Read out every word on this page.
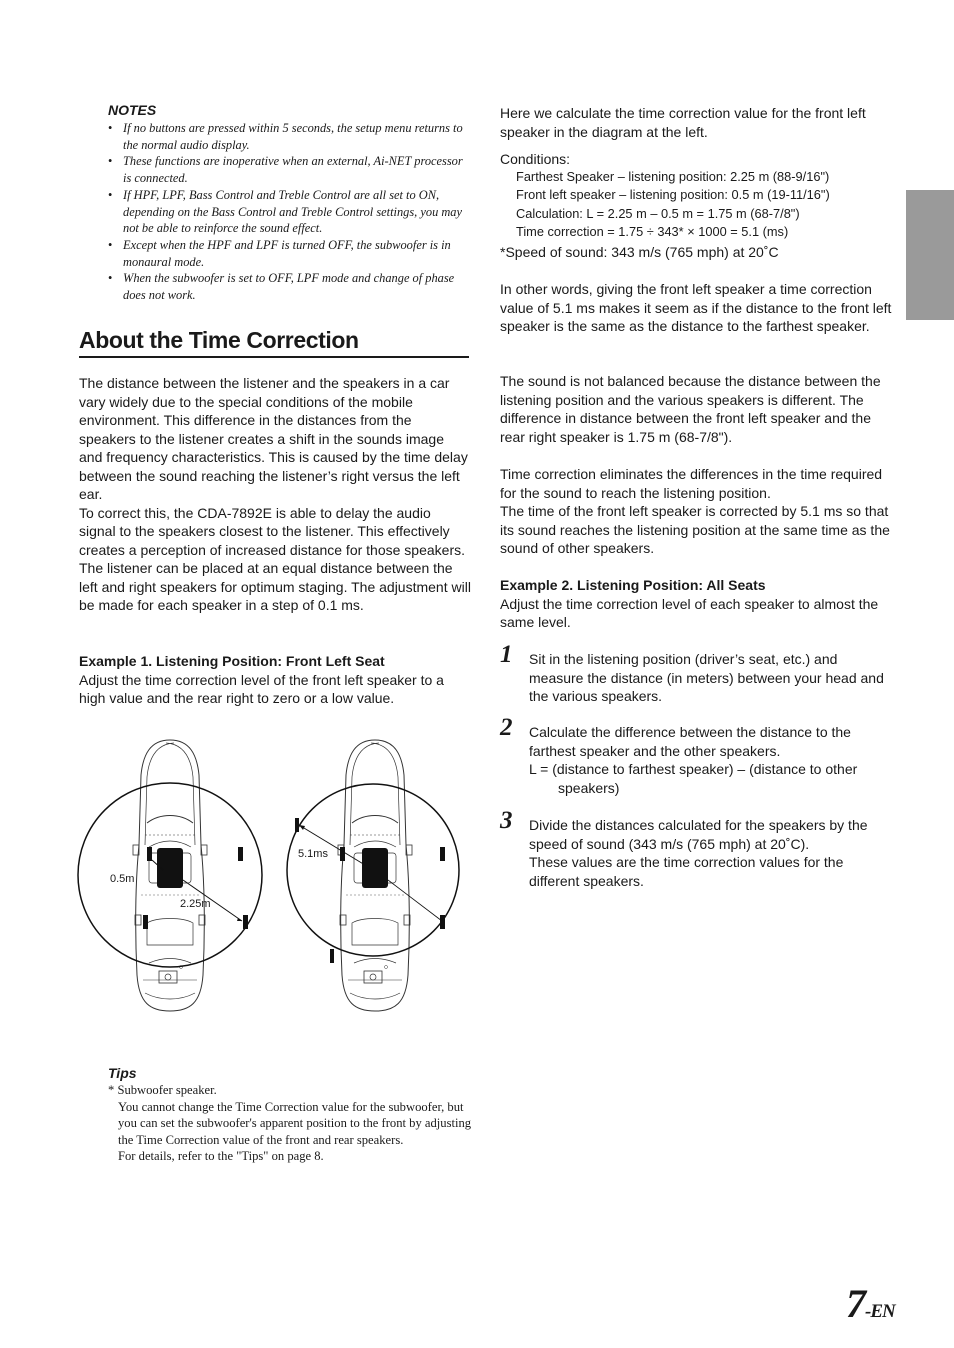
NOTES
• If no buttons are pressed within 5 seconds, the setup menu returns to the normal audio display.
• These functions are inoperative when an external, Ai-NET processor is connected.
• If HPF, LPF, Bass Control and Treble Control are all set to ON, depending on the Bass Control and Treble Control settings, you may not be able to reinforce the sound effect.
• Except when the HPF and LPF is turned OFF, the subwoofer is in monaural mode.
• When the subwoofer is set to OFF, LPF mode and change of phase does not work.
About the Time Correction
The distance between the listener and the speakers in a car vary widely due to the special conditions of the mobile environment. This difference in the distances from the speakers to the listener creates a shift in the sounds image and frequency characteristics. This is caused by the time delay between the sound reaching the listener’s right versus the left ear.
To correct this, the CDA-7892E is able to delay the audio signal to the speakers closest to the listener. This effectively creates a perception of increased distance for those speakers. The listener can be placed at an equal distance between the left and right speakers for optimum staging. The adjustment will be made for each speaker in a step of 0.1 ms.
Example 1. Listening Position: Front Left Seat
Adjust the time correction level of the front left speaker to a high value and the rear right to zero or a low value.
0.5m
2.25m
5.1ms
Tips
* Subwoofer speaker.
You cannot change the Time Correction value for the subwoofer, but you can set the subwoofer's apparent position to the front by adjusting the Time Correction value of the front and rear speakers.
For details, refer to the "Tips" on page 8.
Here we calculate the time correction value for the front left speaker in the diagram at the left.
Conditions:
Farthest Speaker – listening position: 2.25 m (88-9/16")
Front left speaker – listening position: 0.5 m (19-11/16")
Calculation: L = 2.25 m – 0.5 m = 1.75 m (68-7/8")
Time correction = 1.75 ÷ 343* × 1000 = 5.1 (ms)
*Speed of sound: 343 m/s (765 mph) at 20˚C
In other words, giving the front left speaker a time correction value of 5.1 ms makes it seem as if the distance to the front left speaker is the same as the distance to the farthest speaker.
The sound is not balanced because the distance between the listening position and the various speakers is different. The difference in distance between the front left speaker and the rear right speaker is 1.75 m (68-7/8").
Time correction eliminates the differences in the time required for the sound to reach the listening position.
The time of the front left speaker is corrected by 5.1 ms so that its sound reaches the listening position at the same time as the sound of other speakers.
Example 2. Listening Position: All Seats
Adjust the time correction level of each speaker to almost the same level.
1 Sit in the listening position (driver’s seat, etc.) and measure the distance (in meters) between your head and the various speakers.
2 Calculate the difference between the distance to the farthest speaker and the other speakers.
L = (distance to farthest speaker) – (distance to other speakers)
3 Divide the distances calculated for the speakers by the speed of sound (343 m/s (765 mph) at 20˚C).
These values are the time correction values for the different speakers.
7-EN
